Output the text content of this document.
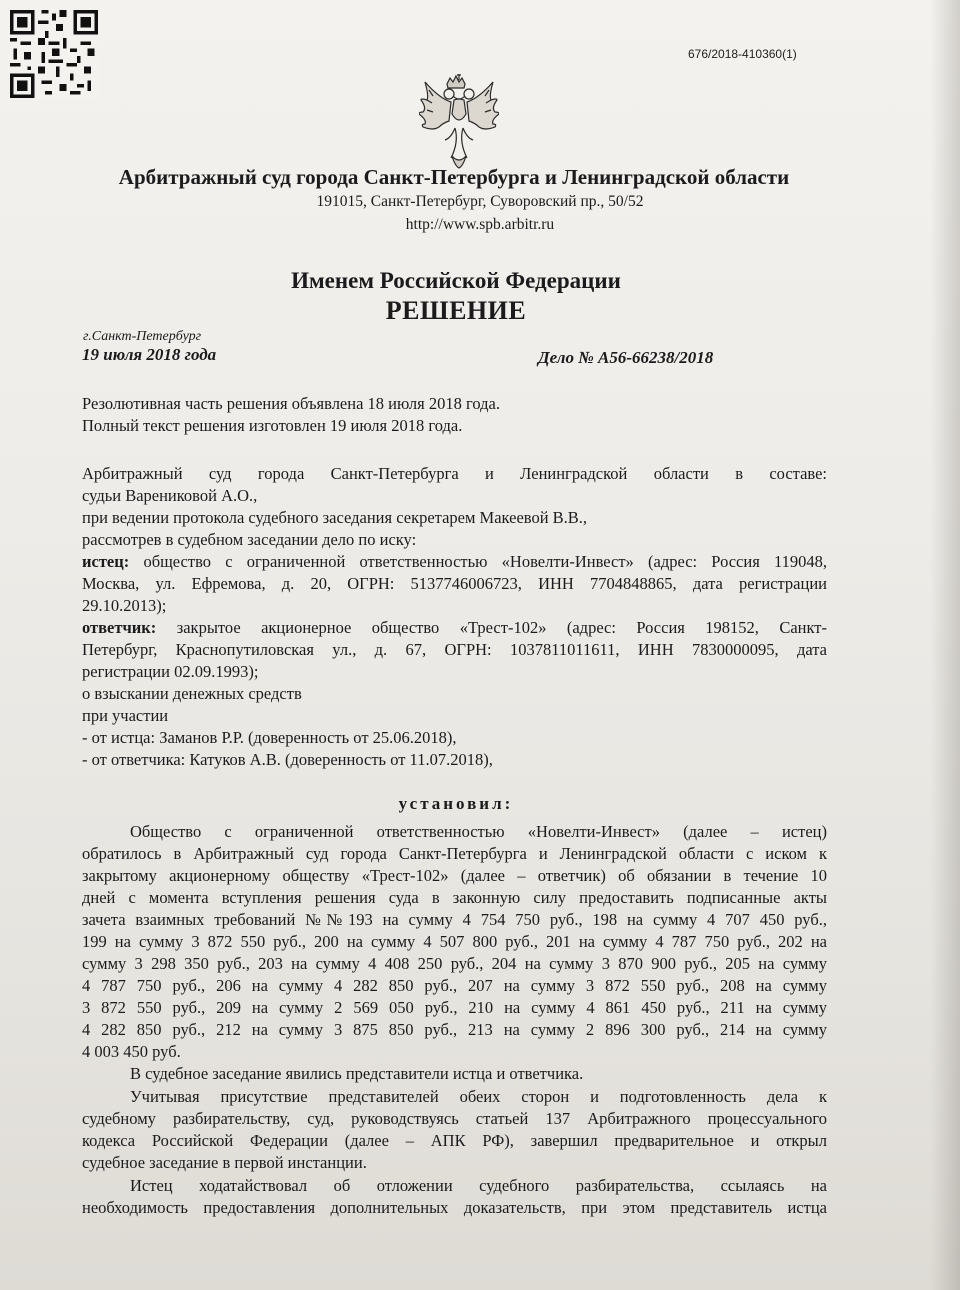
676/2018-410360(1)
Арбитражный суд города Санкт-Петербурга и Ленинградской области
191015, Санкт-Петербург, Суворовский пр., 50/52
http://www.spb.arbitr.ru
Именем Российской Федерации
РЕШЕНИЕ
г.Санкт-Петербург
19 июля 2018 года	Дело № А56-66238/2018
Резолютивная часть решения объявлена 18 июля 2018 года.
Полный текст решения изготовлен 19 июля 2018 года.
Арбитражный суд города Санкт-Петербурга и Ленинградской области в составе:
судьи Варениковой А.О.,
при ведении протокола судебного заседания секретарем Макеевой В.В.,
рассмотрев в судебном заседании дело по иску:
истец: общество с ограниченной ответственностью «Новелти-Инвест» (адрес: Россия 119048,
Москва, ул. Ефремова, д. 20, ОГРН: 5137746006723, ИНН 7704848865, дата регистрации
29.10.2013);
ответчик: закрытое акционерное общество «Трест-102» (адрес: Россия 198152, Санкт-
Петербург, Краснопутиловская ул., д. 67, ОГРН: 1037811011611, ИНН 7830000095, дата
регистрации 02.09.1993);
о взыскании денежных средств
при участии
- от истца: Заманов Р.Р. (доверенность от 25.06.2018),
- от ответчика: Катуков А.В. (доверенность от 11.07.2018),
установил:
Общество с ограниченной ответственностью «Новелти-Инвест» (далее – истец)
обратилось в Арбитражный суд города Санкт-Петербурга и Ленинградской области с иском к
закрытому акционерному обществу «Трест-102» (далее – ответчик) об обязании в течение 10
дней с момента вступления решения суда в законную силу предоставить подписанные акты
зачета взаимных требований №№193 на сумму 4 754 750 руб., 198 на сумму 4 707 450 руб.,
199 на сумму 3 872 550 руб., 200 на сумму 4 507 800 руб., 201 на сумму 4 787 750 руб., 202 на
сумму 3 298 350 руб., 203 на сумму 4 408 250 руб., 204 на сумму 3 870 900 руб., 205 на сумму
4 787 750 руб., 206 на сумму 4 282 850 руб., 207 на сумму 3 872 550 руб., 208 на сумму
3 872 550 руб., 209 на сумму 2 569 050 руб., 210 на сумму 4 861 450 руб., 211 на сумму
4 282 850 руб., 212 на сумму 3 875 850 руб., 213 на сумму 2 896 300 руб., 214 на сумму
4 003 450 руб.
В судебное заседание явились представители истца и ответчика.
Учитывая присутствие представителей обеих сторон и подготовленность дела к
судебному разбирательству, суд, руководствуясь статьей 137 Арбитражного процессуального
кодекса Российской Федерации (далее – АПК РФ), завершил предварительное и открыл
судебное заседание в первой инстанции.
Истец ходатайствовал об отложении судебного разбирательства, ссылаясь на
необходимость предоставления дополнительных доказательств, при этом представитель истца
